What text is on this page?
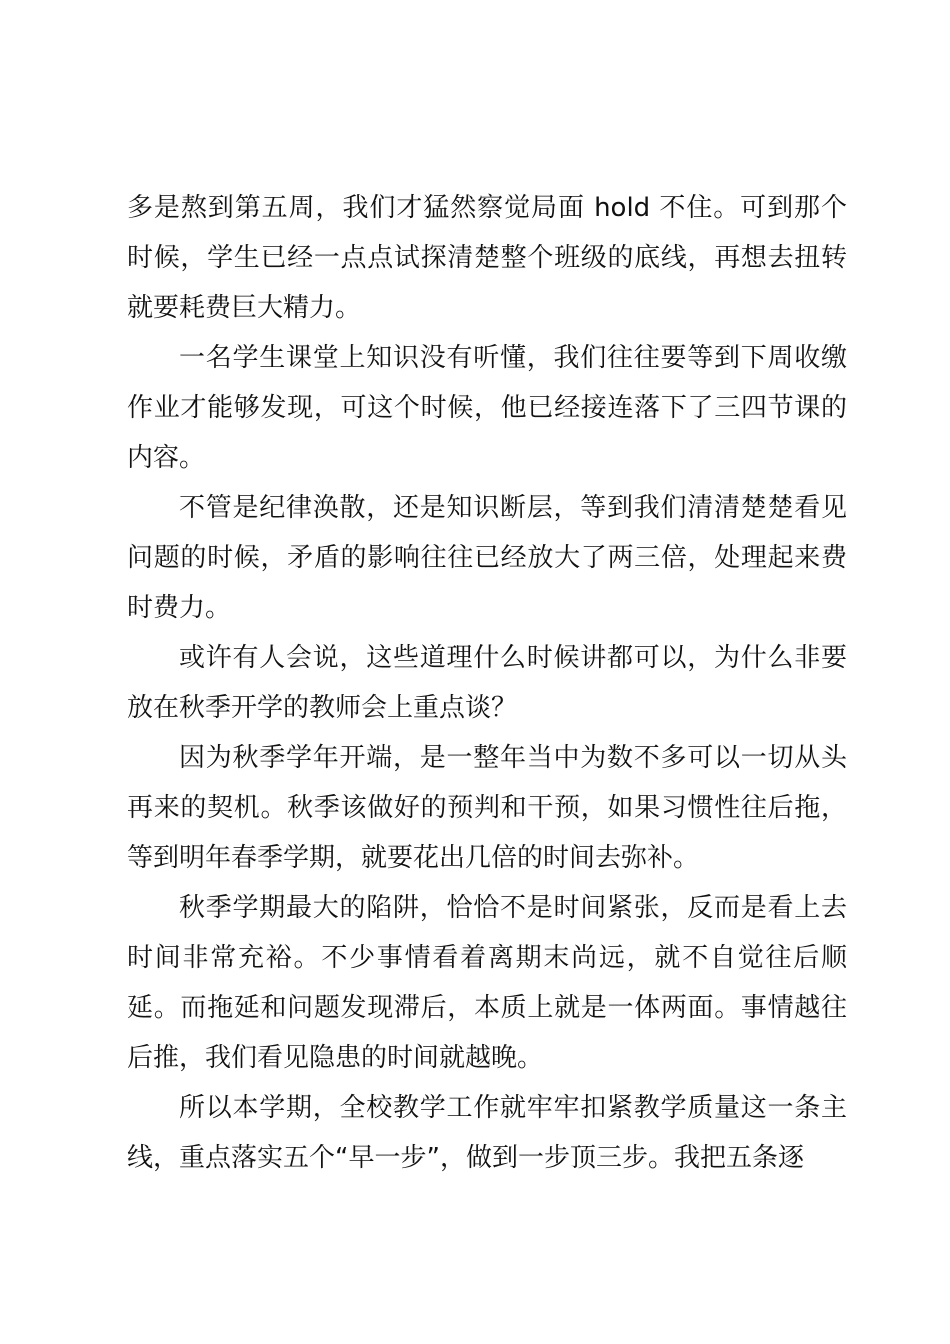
多是熬到第五周，我们才猛然察觉局面 hold 不住。可到那个时候，学生已经一点点试探清楚整个班级的底线，再想去扭转就要耗费巨大精力。

一名学生课堂上知识没有听懂，我们往往要等到下周收缴作业才能够发现，可这个时候，他已经接连落下了三四节课的内容。

不管是纪律涣散，还是知识断层，等到我们清清楚楚看见问题的时候，矛盾的影响往往已经放大了两三倍，处理起来费时费力。

或许有人会说，这些道理什么时候讲都可以，为什么非要放在秋季开学的教师会上重点谈？

因为秋季学年开端，是一整年当中为数不多可以一切从头再来的契机。秋季该做好的预判和干预，如果习惯性往后拖，等到明年春季学期，就要花出几倍的时间去弥补。

秋季学期最大的陷阱，恰恰不是时间紧张，反而是看上去时间非常充裕。不少事情看着离期末尚远，就不自觉往后顺延。而拖延和问题发现滞后，本质上就是一体两面。事情越往后推，我们看见隐患的时间就越晚。

所以本学期，全校教学工作就牢牢扣紧教学质量这一条主线，重点落实五个“早一步”，做到一步顶三步。我把五条逐
